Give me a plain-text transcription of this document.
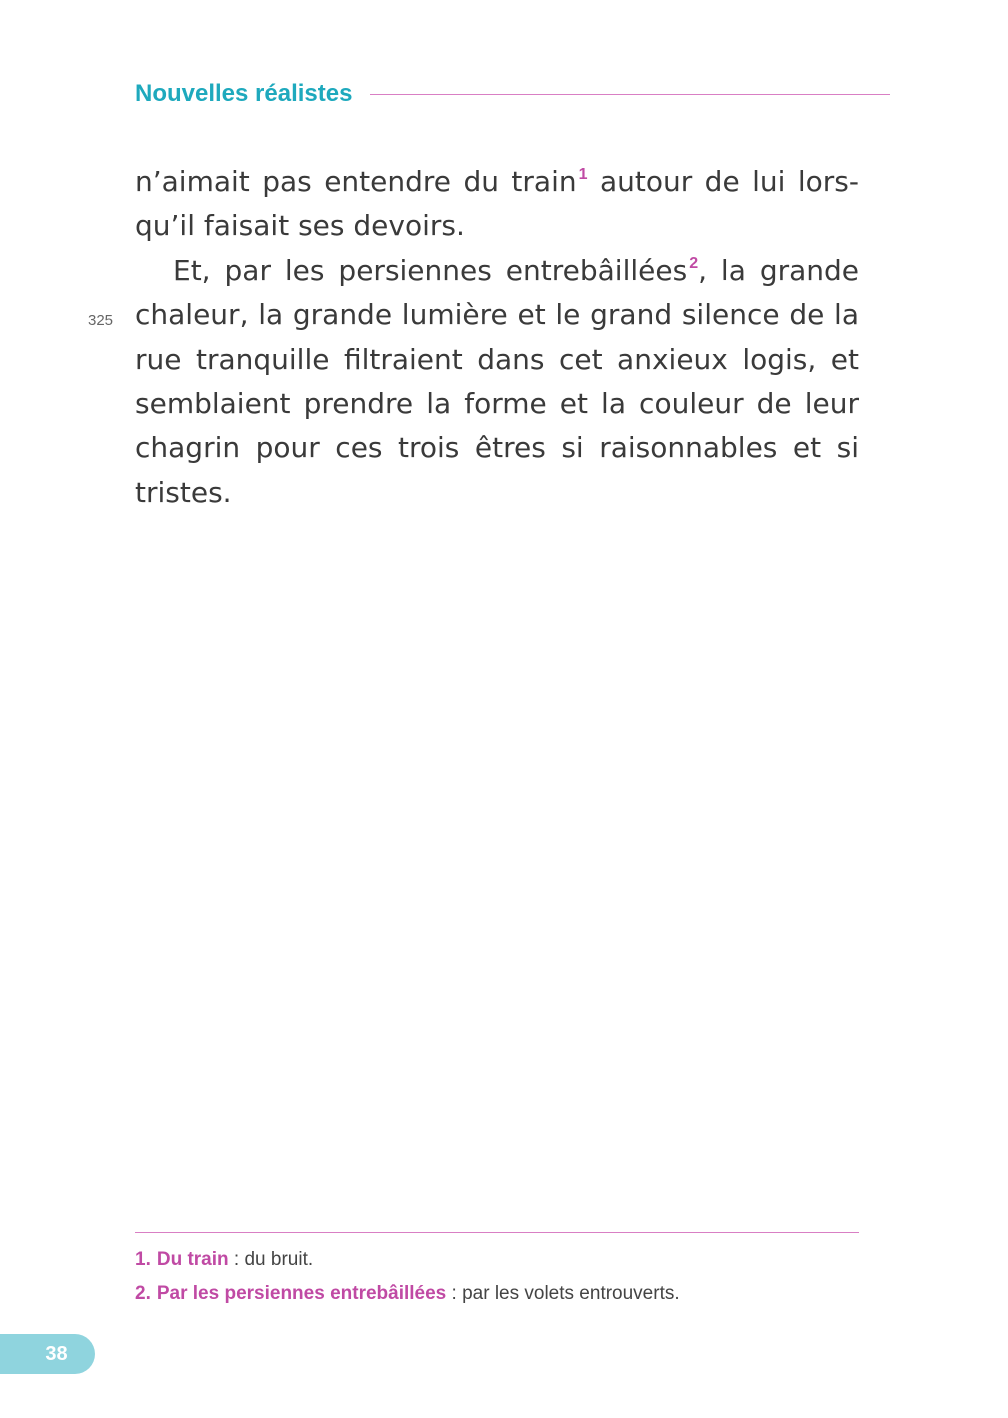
Nouvelles réalistes
n’aimait pas entendre du train $^1$ autour de lui lors-
qu’il faisait ses devoirs.
Et, par les persiennes entrebâillées $^2$, la grande
chaleur, la grande lumière et le grand silence de la
rue tranquille filtraient dans cet anxieux logis, et
semblaient prendre la forme et la couleur de leur
chagrin pour ces trois êtres si raisonnables et si
tristes.
325
1. Du train : du bruit.
2. Par les persiennes entrebâillées : par les volets entrouverts.
38
